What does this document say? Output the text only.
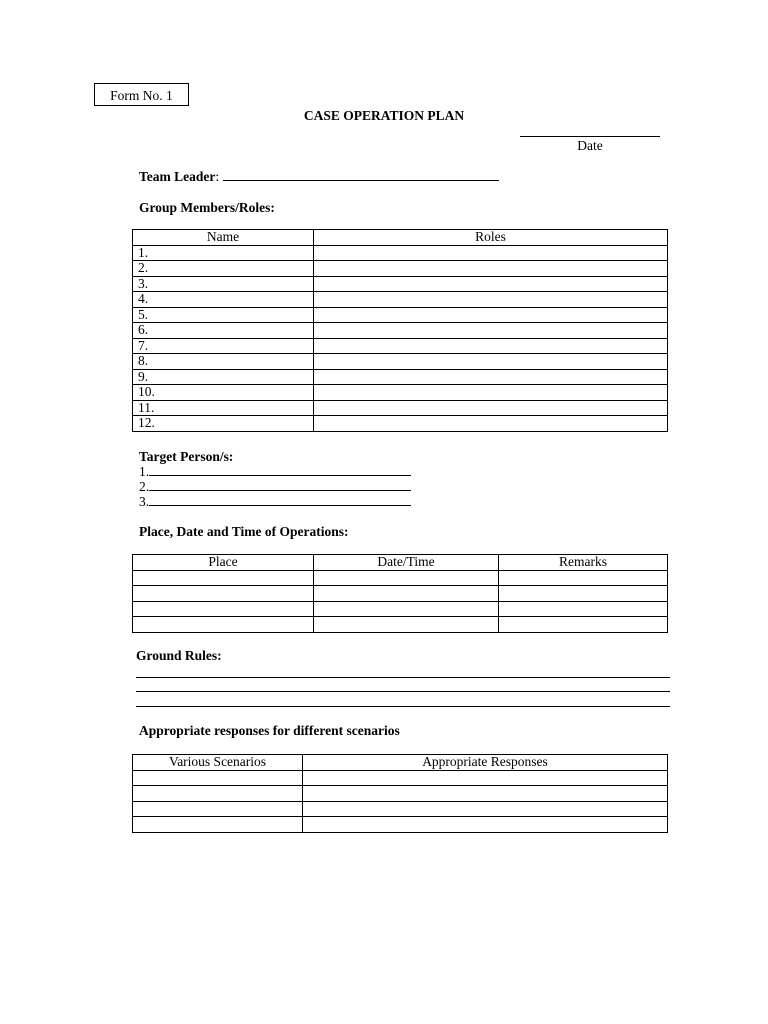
Form No. 1
CASE OPERATION PLAN
Date
Team Leader:
Group Members/Roles:
Name	Roles
1.	
2.	
3.	
4.	
5.	
6.	
7.	
8.	
9.	
10.	
11.	
12.	
Target Person/s:
1.
2.
3.
Place, Date and Time of Operations:
Place	Date/Time	Remarks

Ground Rules:
Appropriate responses for different scenarios
Various Scenarios	Appropriate Responses
